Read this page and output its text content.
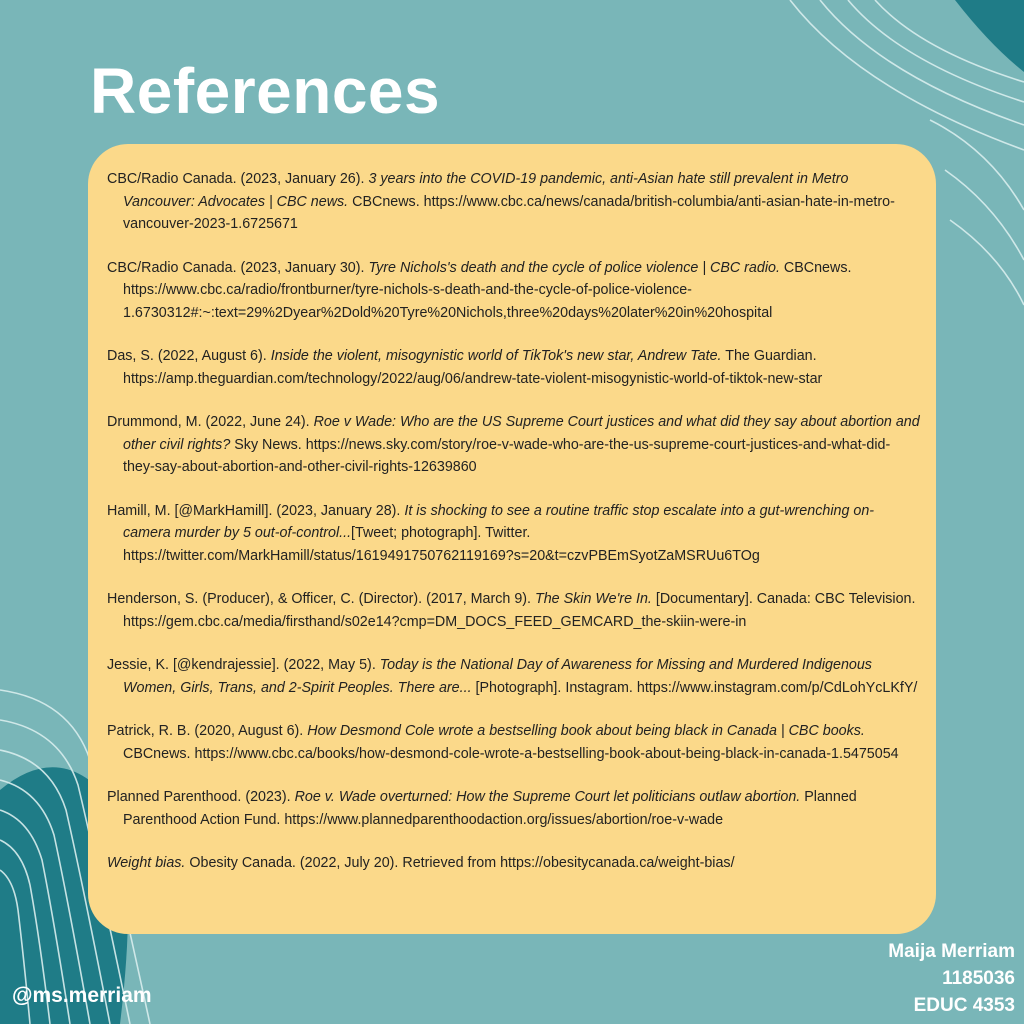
References

CBC/Radio Canada. (2023, January 26). 3 years into the COVID-19 pandemic, anti-Asian hate still prevalent in Metro Vancouver: Advocates | CBC news. CBCnews. https://www.cbc.ca/news/canada/british-columbia/anti-asian-hate-in-metro-vancouver-2023-1.6725671

CBC/Radio Canada. (2023, January 30). Tyre Nichols's death and the cycle of police violence | CBC radio. CBCnews. https://www.cbc.ca/radio/frontburner/tyre-nichols-s-death-and-the-cycle-of-police-violence-1.6730312#:~:text=29%2Dyear%2Dold%20Tyre%20Nichols,three%20days%20later%20in%20hospital

Das, S. (2022, August 6). Inside the violent, misogynistic world of TikTok's new star, Andrew Tate. The Guardian. https://amp.theguardian.com/technology/2022/aug/06/andrew-tate-violent-misogynistic-world-of-tiktok-new-star

Drummond, M. (2022, June 24). Roe v Wade: Who are the US Supreme Court justices and what did they say about abortion and other civil rights? Sky News. https://news.sky.com/story/roe-v-wade-who-are-the-us-supreme-court-justices-and-what-did-they-say-about-abortion-and-other-civil-rights-12639860

Hamill, M. [@MarkHamill]. (2023, January 28). It is shocking to see a routine traffic stop escalate into a gut-wrenching on-camera murder by 5 out-of-control...[Tweet; photograph]. Twitter. https://twitter.com/MarkHamill/status/1619491750762119169?s=20&t=czvPBEmSyotZaMSRUu6TOg

Henderson, S. (Producer), & Officer, C. (Director). (2017, March 9). The Skin We're In. [Documentary]. Canada: CBC Television. https://gem.cbc.ca/media/firsthand/s02e14?cmp=DM_DOCS_FEED_GEMCARD_the-skiin-were-in

Jessie, K. [@kendrajessie]. (2022, May 5). Today is the National Day of Awareness for Missing and Murdered Indigenous Women, Girls, Trans, and 2-Spirit Peoples. There are... [Photograph]. Instagram. https://www.instagram.com/p/CdLohYcLKfY/

Patrick, R. B. (2020, August 6). How Desmond Cole wrote a bestselling book about being black in Canada | CBC books. CBCnews. https://www.cbc.ca/books/how-desmond-cole-wrote-a-bestselling-book-about-being-black-in-canada-1.5475054

Planned Parenthood. (2023). Roe v. Wade overturned: How the Supreme Court let politicians outlaw abortion. Planned Parenthood Action Fund. https://www.plannedparenthoodaction.org/issues/abortion/roe-v-wade

Weight bias. Obesity Canada. (2022, July 20). Retrieved from https://obesitycanada.ca/weight-bias/

@ms.merriam
Maija Merriam
1185036
EDUC 4353
